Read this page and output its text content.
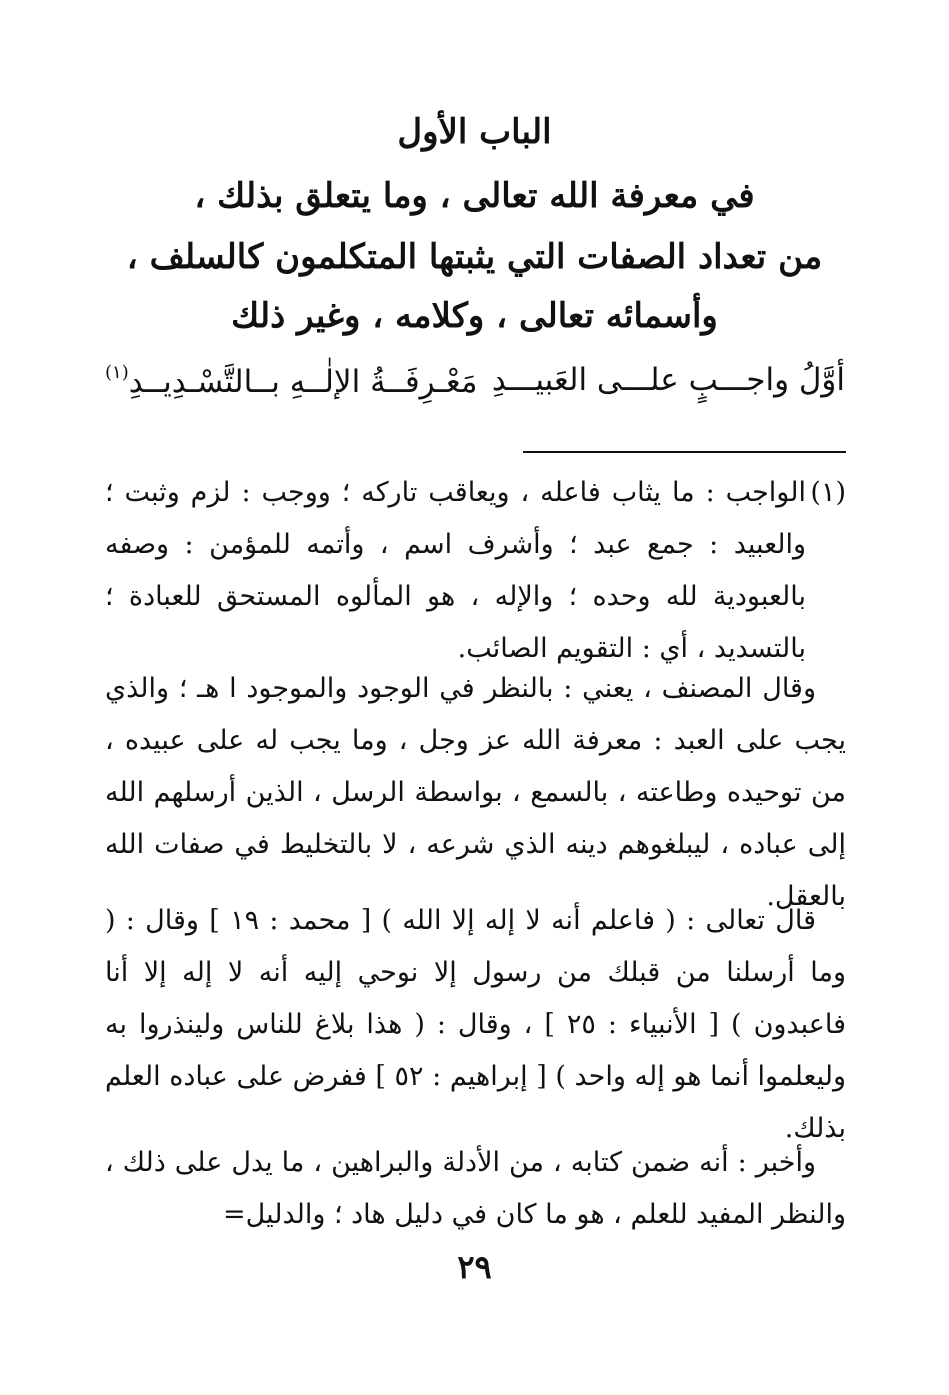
الباب الأول
في معرفة الله تعالى ، وما يتعلق بذلك ،
من تعداد الصفات التي يثبتها المتكلمون كالسلف ،
وأسمائه تعالى ، وكلامه ، وغير ذلك
أوَّلُ واجـــبٍ علـــى العَبيـــدِ
مَعْـرِفَــةُ الإلٰــهِ بــالتَّسْـدِيــدِ$^{(١)}$
(١)
الواجب : ما يثاب فاعله ، ويعاقب تاركه ؛ ووجب : لزم وثبت ؛ والعبيد : جمع عبد ؛ وأشرف اسم ، وأتمه للمؤمن : وصفه بالعبودية لله وحده ؛ والإله ، هو المألوه المستحق للعبادة ؛ بالتسديد ، أي : التقويم الصائب.
وقال المصنف ، يعني : بالنظر في الوجود والموجود ا هـ ؛ والذي يجب على العبد : معرفة الله عز وجل ، وما يجب له على عبيده ، من توحيده وطاعته ، بالسمع ، بواسطة الرسل ، الذين أرسلهم الله إلى عباده ، ليبلغوهم دينه الذي شرعه ، لا بالتخليط في صفات الله بالعقل.
قال تعالى : ( فاعلم أنه لا إله إلا الله ) [ محمد : ١٩ ] وقال : ( وما أرسلنا من قبلك من رسول إلا نوحي إليه أنه لا إله إلا أنا فاعبدون ) [ الأنبياء : ٢٥ ] ، وقال : ( هذا بلاغ للناس ولينذروا به وليعلموا أنما هو إله واحد ) [ إبراهيم : ٥٢ ] ففرض على عباده العلم بذلك.
وأخبر : أنه ضمن كتابه ، من الأدلة والبراهين ، ما يدل على ذلك ، والنظر المفيد للعلم ، هو ما كان في دليل هاد ؛ والدليل=
٢٩
